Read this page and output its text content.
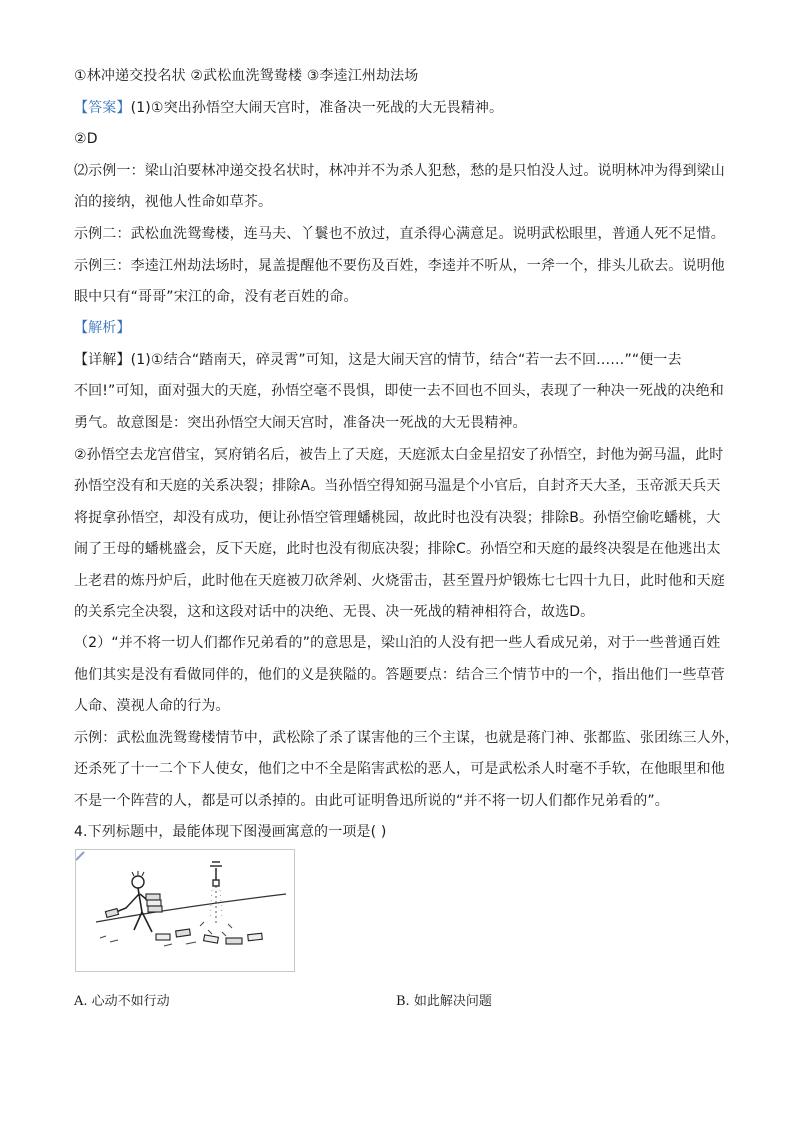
①林冲递交投名状 ②武松血洗鸳鸯楼 ③李逵江州劫法场
【答案】(1)①突出孙悟空大闹天宫时，准备决一死战的大无畏精神。
②D
⑵示例一：梁山泊要林冲递交投名状时，林冲并不为杀人犯愁，愁的是只怕没人过。说明林冲为得到梁山
泊的接纳，视他人性命如草芥。
示例二：武松血洗鸳鸯楼，连马夫、丫鬟也不放过，直杀得心满意足。说明武松眼里，普通人死不足惜。
示例三：李逵江州劫法场时，晁盖提醒他不要伤及百姓，李逵并不听从，一斧一个，排头儿砍去。说明他
眼中只有“哥哥”宋江的命，没有老百姓的命。
【解析】
【详解】(1)①结合“踏南天，碎灵霄”可知，这是大闹天宫的情节，结合“若一去不回……”“便一去
不回!”可知，面对强大的天庭，孙悟空毫不畏惧，即使一去不回也不回头，表现了一种决一死战的决绝和
勇气。故意图是：突出孙悟空大闹天宫时，准备决一死战的大无畏精神。
②孙悟空去龙宫借宝，冥府销名后，被告上了天庭，天庭派太白金星招安了孙悟空，封他为弼马温，此时
孙悟空没有和天庭的关系决裂；排除A。当孙悟空得知弼马温是个小官后，自封齐天大圣，玉帝派天兵天
将捉拿孙悟空，却没有成功，便让孙悟空管理蟠桃园，故此时也没有决裂；排除B。孙悟空偷吃蟠桃，大
闹了王母的蟠桃盛会，反下天庭，此时也没有彻底决裂；排除C。孙悟空和天庭的最终决裂是在他逃出太
上老君的炼丹炉后，此时他在天庭被刀砍斧剁、火烧雷击，甚至置丹炉锻炼七七四十九日，此时他和天庭
的关系完全决裂，这和这段对话中的决绝、无畏、决一死战的精神相符合，故选D。
（2）“并不将一切人们都作兄弟看的”的意思是，梁山泊的人没有把一些人看成兄弟，对于一些普通百姓
他们其实是没有看做同伴的，他们的义是狭隘的。答题要点：结合三个情节中的一个，指出他们一些草菅
人命、漠视人命的行为。
示例：武松血洗鸳鸯楼情节中，武松除了杀了谋害他的三个主谋，也就是蒋门神、张都监、张团练三人外，
还杀死了十一二个下人使女，他们之中不全是陷害武松的恶人，可是武松杀人时毫不手软，在他眼里和他
不是一个阵营的人，都是可以杀掉的。由此可证明鲁迅所说的“并不将一切人们都作兄弟看的”。
4.下列标题中，最能体现下图漫画寓意的一项是( )
A. 心动不如行动	B. 如此解决问题
